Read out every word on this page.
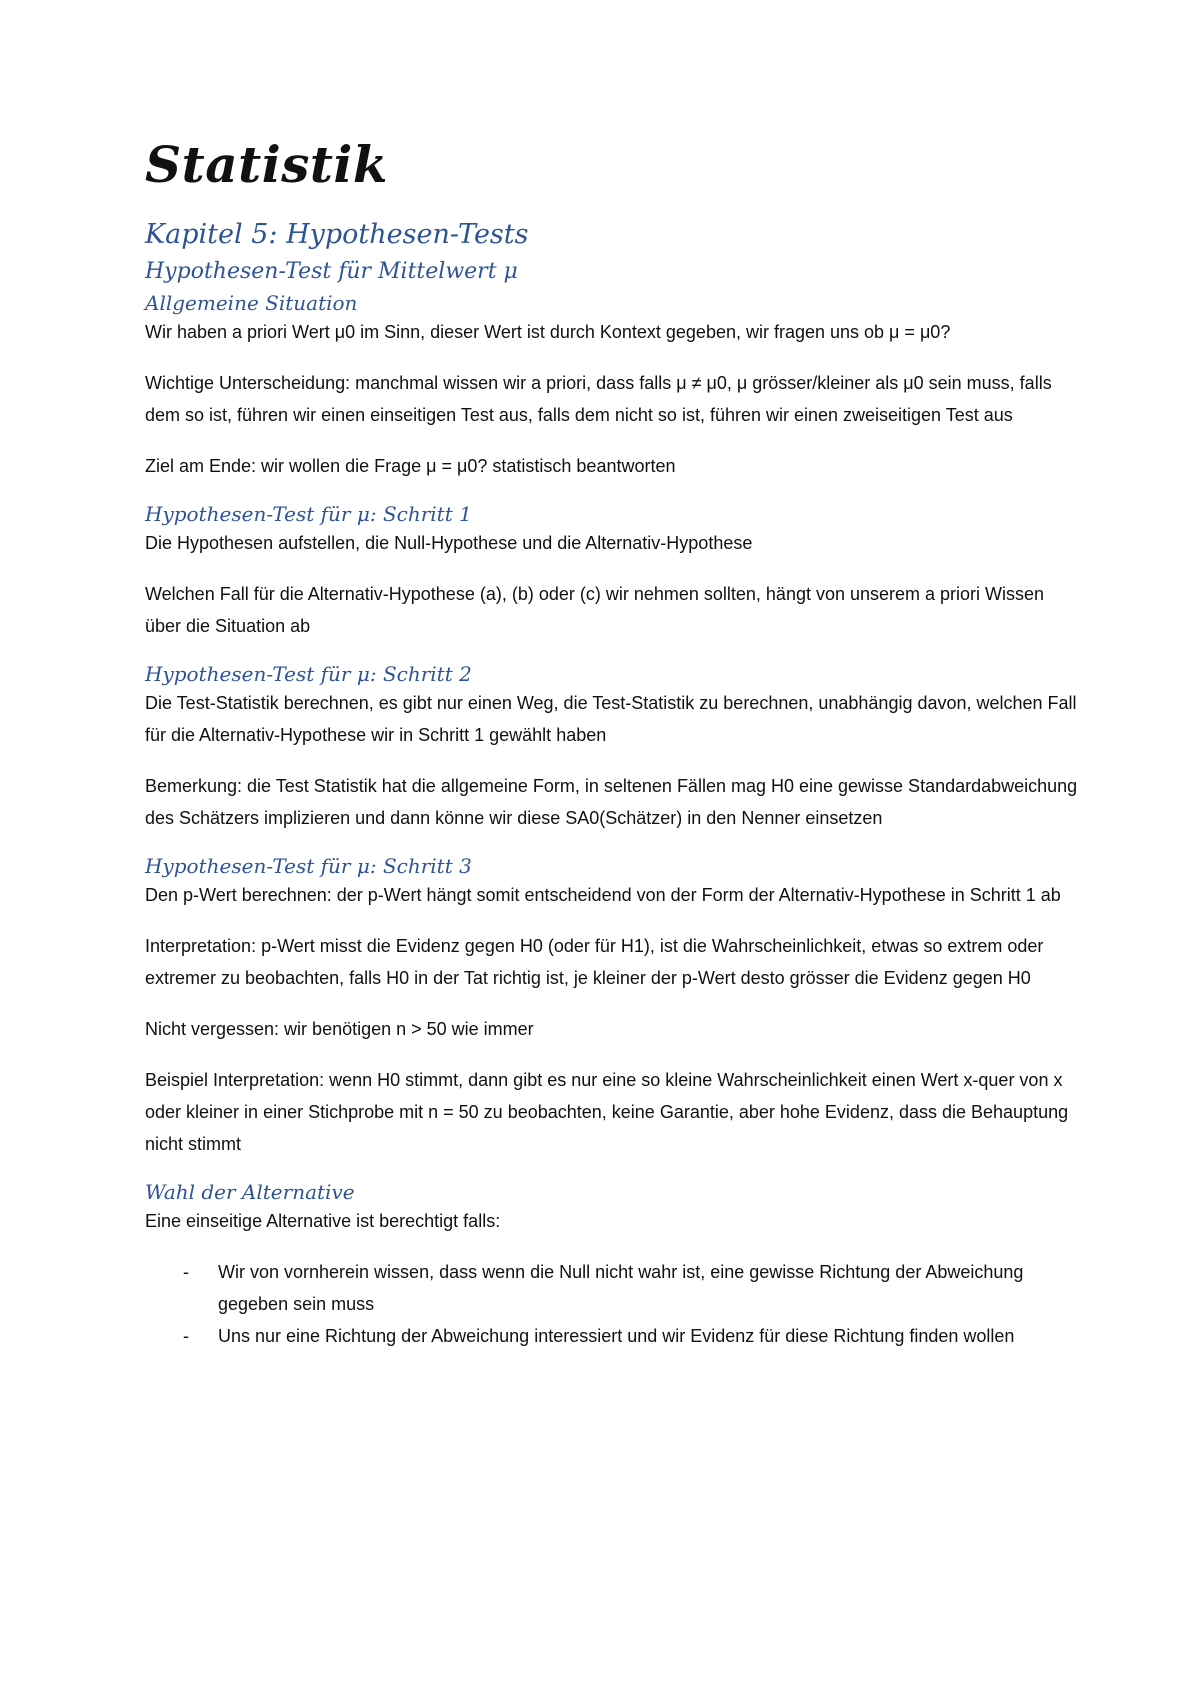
Statistik
Kapitel 5: Hypothesen-Tests
Hypothesen-Test für Mittelwert μ
Allgemeine Situation

Wir haben a priori Wert μ0 im Sinn, dieser Wert ist durch Kontext gegeben, wir fragen uns ob μ = μ0?

Wichtige Unterscheidung: manchmal wissen wir a priori, dass falls μ ≠ μ0, μ grösser/kleiner als μ0 sein muss, falls dem so ist, führen wir einen einseitigen Test aus, falls dem nicht so ist, führen wir einen zweiseitigen Test aus

Ziel am Ende: wir wollen die Frage μ = μ0? statistisch beantworten

Hypothesen-Test für μ: Schritt 1

Die Hypothesen aufstellen, die Null-Hypothese und die Alternativ-Hypothese

Welchen Fall für die Alternativ-Hypothese (a), (b) oder (c) wir nehmen sollten, hängt von unserem a priori Wissen über die Situation ab

Hypothesen-Test für μ: Schritt 2

Die Test-Statistik berechnen, es gibt nur einen Weg, die Test-Statistik zu berechnen, unabhängig davon, welchen Fall für die Alternativ-Hypothese wir in Schritt 1 gewählt haben

Bemerkung: die Test Statistik hat die allgemeine Form, in seltenen Fällen mag H0 eine gewisse Standardabweichung des Schätzers implizieren und dann könne wir diese SA0(Schätzer) in den Nenner einsetzen

Hypothesen-Test für μ: Schritt 3

Den p-Wert berechnen: der p-Wert hängt somit entscheidend von der Form der Alternativ-Hypothese in Schritt 1 ab

Interpretation: p-Wert misst die Evidenz gegen H0 (oder für H1), ist die Wahrscheinlichkeit, etwas so extrem oder extremer zu beobachten, falls H0 in der Tat richtig ist, je kleiner der p-Wert desto grösser die Evidenz gegen H0

Nicht vergessen: wir benötigen n > 50 wie immer

Beispiel Interpretation: wenn H0 stimmt, dann gibt es nur eine so kleine Wahrscheinlichkeit einen Wert x-quer von x oder kleiner in einer Stichprobe mit n = 50 zu beobachten, keine Garantie, aber hohe Evidenz, dass die Behauptung nicht stimmt

Wahl der Alternative

Eine einseitige Alternative ist berechtigt falls:

- Wir von vornherein wissen, dass wenn die Null nicht wahr ist, eine gewisse Richtung der Abweichung gegeben sein muss
- Uns nur eine Richtung der Abweichung interessiert und wir Evidenz für diese Richtung finden wollen
